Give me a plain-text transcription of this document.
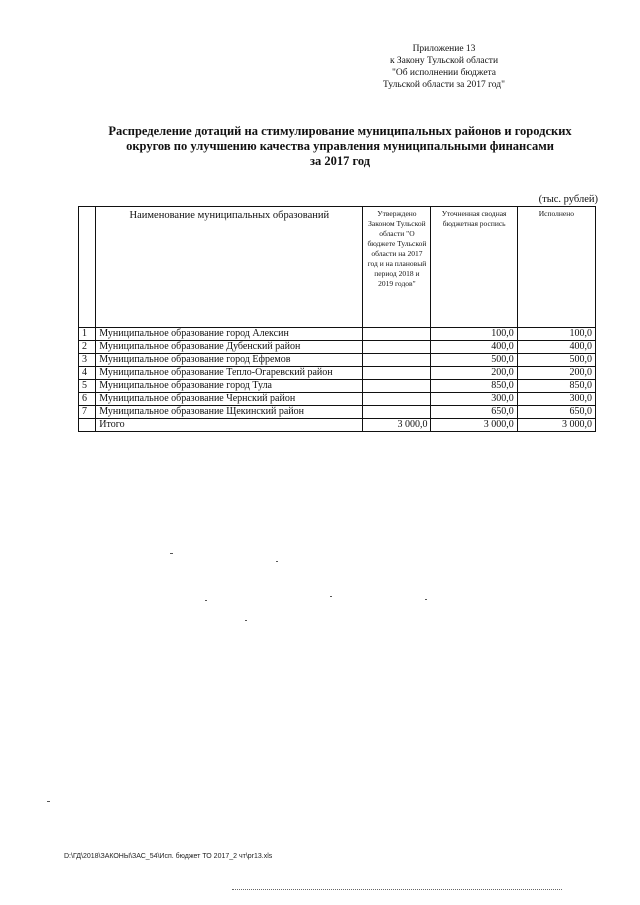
Приложение 13
к Закону Тульской области
"Об исполнении бюджета
Тульской области за 2017 год"
Распределение дотаций на стимулирование муниципальных районов и городских
округов по улучшению качества управления муниципальными финансами
за 2017 год
(тыс. рублей)
	Наименование муниципальных образований	Утверждено Законом Тульской области "О бюджете Тульской области на 2017 год и на плановый период 2018 и 2019 годов"	Уточненная сводная бюджетная роспись	Исполнено
1	Муниципальное образование город Алексин		100,0	100,0
2	Муниципальное образование Дубенский район		400,0	400,0
3	Муниципальное образование город Ефремов		500,0	500,0
4	Муниципальное образование Тепло-Огаревский район		200,0	200,0
5	Муниципальное образование город Тула		850,0	850,0
6	Муниципальное образование Чернский район		300,0	300,0
7	Муниципальное образование Щекинский район		650,0	650,0
	Итого	3 000,0	3 000,0	3 000,0
D:\ГД\2018\ЗАКОНЫ\ЗАС_54\Исп. бюджет ТО 2017_2 чт\pr13.xls
